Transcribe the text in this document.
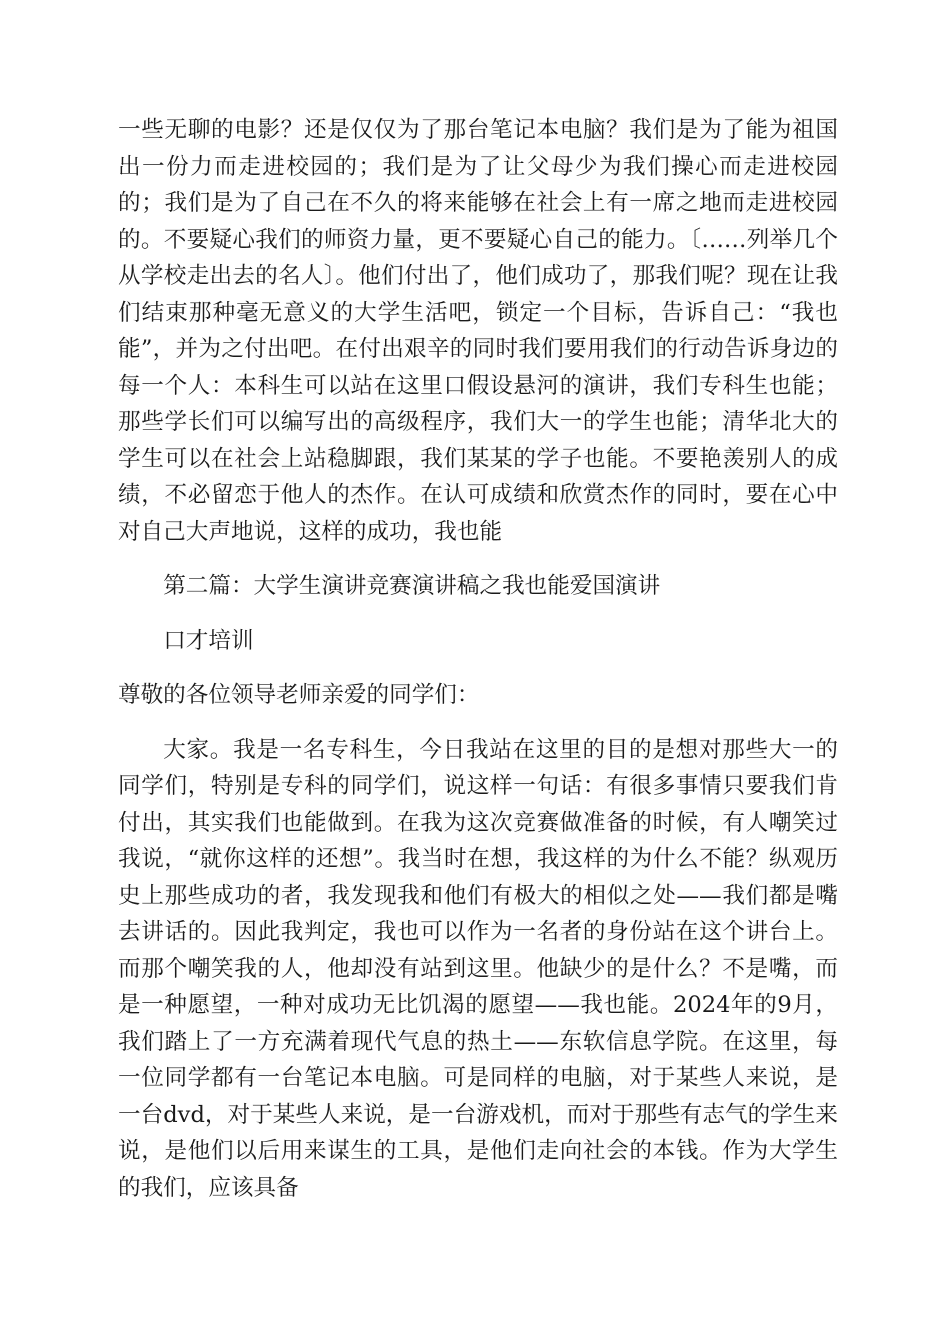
一些无聊的电影？还是仅仅为了那台笔记本电脑？我们是为了能为祖国出一份力而走进校园的；我们是为了让父母少为我们操心而走进校园的；我们是为了自己在不久的将来能够在社会上有一席之地而走进校园的。不要疑心我们的师资力量，更不要疑心自己的能力。〔……列举几个从学校走出去的名人〕。他们付出了，他们成功了，那我们呢？现在让我们结束那种毫无意义的大学生活吧，锁定一个目标，告诉自己：“我也能”，并为之付出吧。在付出艰辛的同时我们要用我们的行动告诉身边的每一个人：本科生可以站在这里口假设悬河的演讲，我们专科生也能；那些学长们可以编写出的高级程序，我们大一的学生也能；清华北大的学生可以在社会上站稳脚跟，我们某某的学子也能。不要艳羡别人的成绩，不必留恋于他人的杰作。在认可成绩和欣赏杰作的同时，要在心中对自己大声地说，这样的成功，我也能

第二篇：大学生演讲竞赛演讲稿之我也能爱国演讲

口才培训

尊敬的各位领导老师亲爱的同学们：

大家。我是一名专科生，今日我站在这里的目的是想对那些大一的同学们，特别是专科的同学们，说这样一句话：有很多事情只要我们肯付出，其实我们也能做到。在我为这次竞赛做准备的时候，有人嘲笑过我说，“就你这样的还想”。我当时在想，我这样的为什么不能？纵观历史上那些成功的者，我发现我和他们有极大的相似之处——我们都是嘴去讲话的。因此我判定，我也可以作为一名者的身份站在这个讲台上。而那个嘲笑我的人，他却没有站到这里。他缺少的是什么？不是嘴，而是一种愿望，一种对成功无比饥渴的愿望——我也能。2024年的9月，我们踏上了一方充满着现代气息的热土——东软信息学院。在这里，每一位同学都有一台笔记本电脑。可是同样的电脑，对于某些人来说，是一台dvd，对于某些人来说，是一台游戏机，而对于那些有志气的学生来说，是他们以后用来谋生的工具，是他们走向社会的本钱。作为大学生的我们，应该具备
